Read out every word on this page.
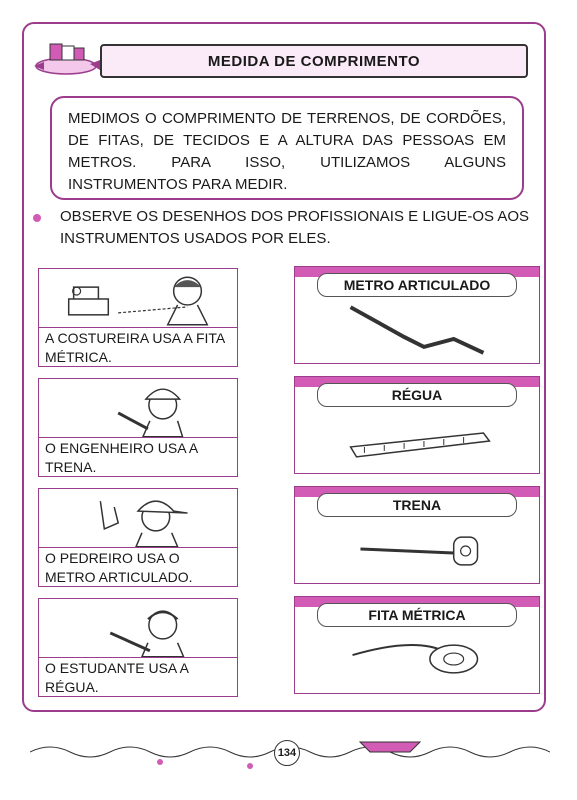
MEDIDA DE COMPRIMENTO
MEDIMOS O COMPRIMENTO DE TERRENOS, DE CORDÕES, DE FITAS, DE TECIDOS E A ALTURA DAS PESSOAS EM METROS. PARA ISSO, UTILIZAMOS ALGUNS INSTRUMENTOS PARA MEDIR.
OBSERVE OS DESENHOS DOS PROFISSIONAIS E LIGUE-OS AOS INSTRUMENTOS USADOS POR ELES.
A COSTUREIRA USA A FITA MÉTRICA.
O ENGENHEIRO USA A TRENA.
O PEDREIRO USA O METRO ARTICULADO.
O ESTUDANTE USA A RÉGUA.
METRO ARTICULADO
RÉGUA
TRENA
FITA MÉTRICA
134
